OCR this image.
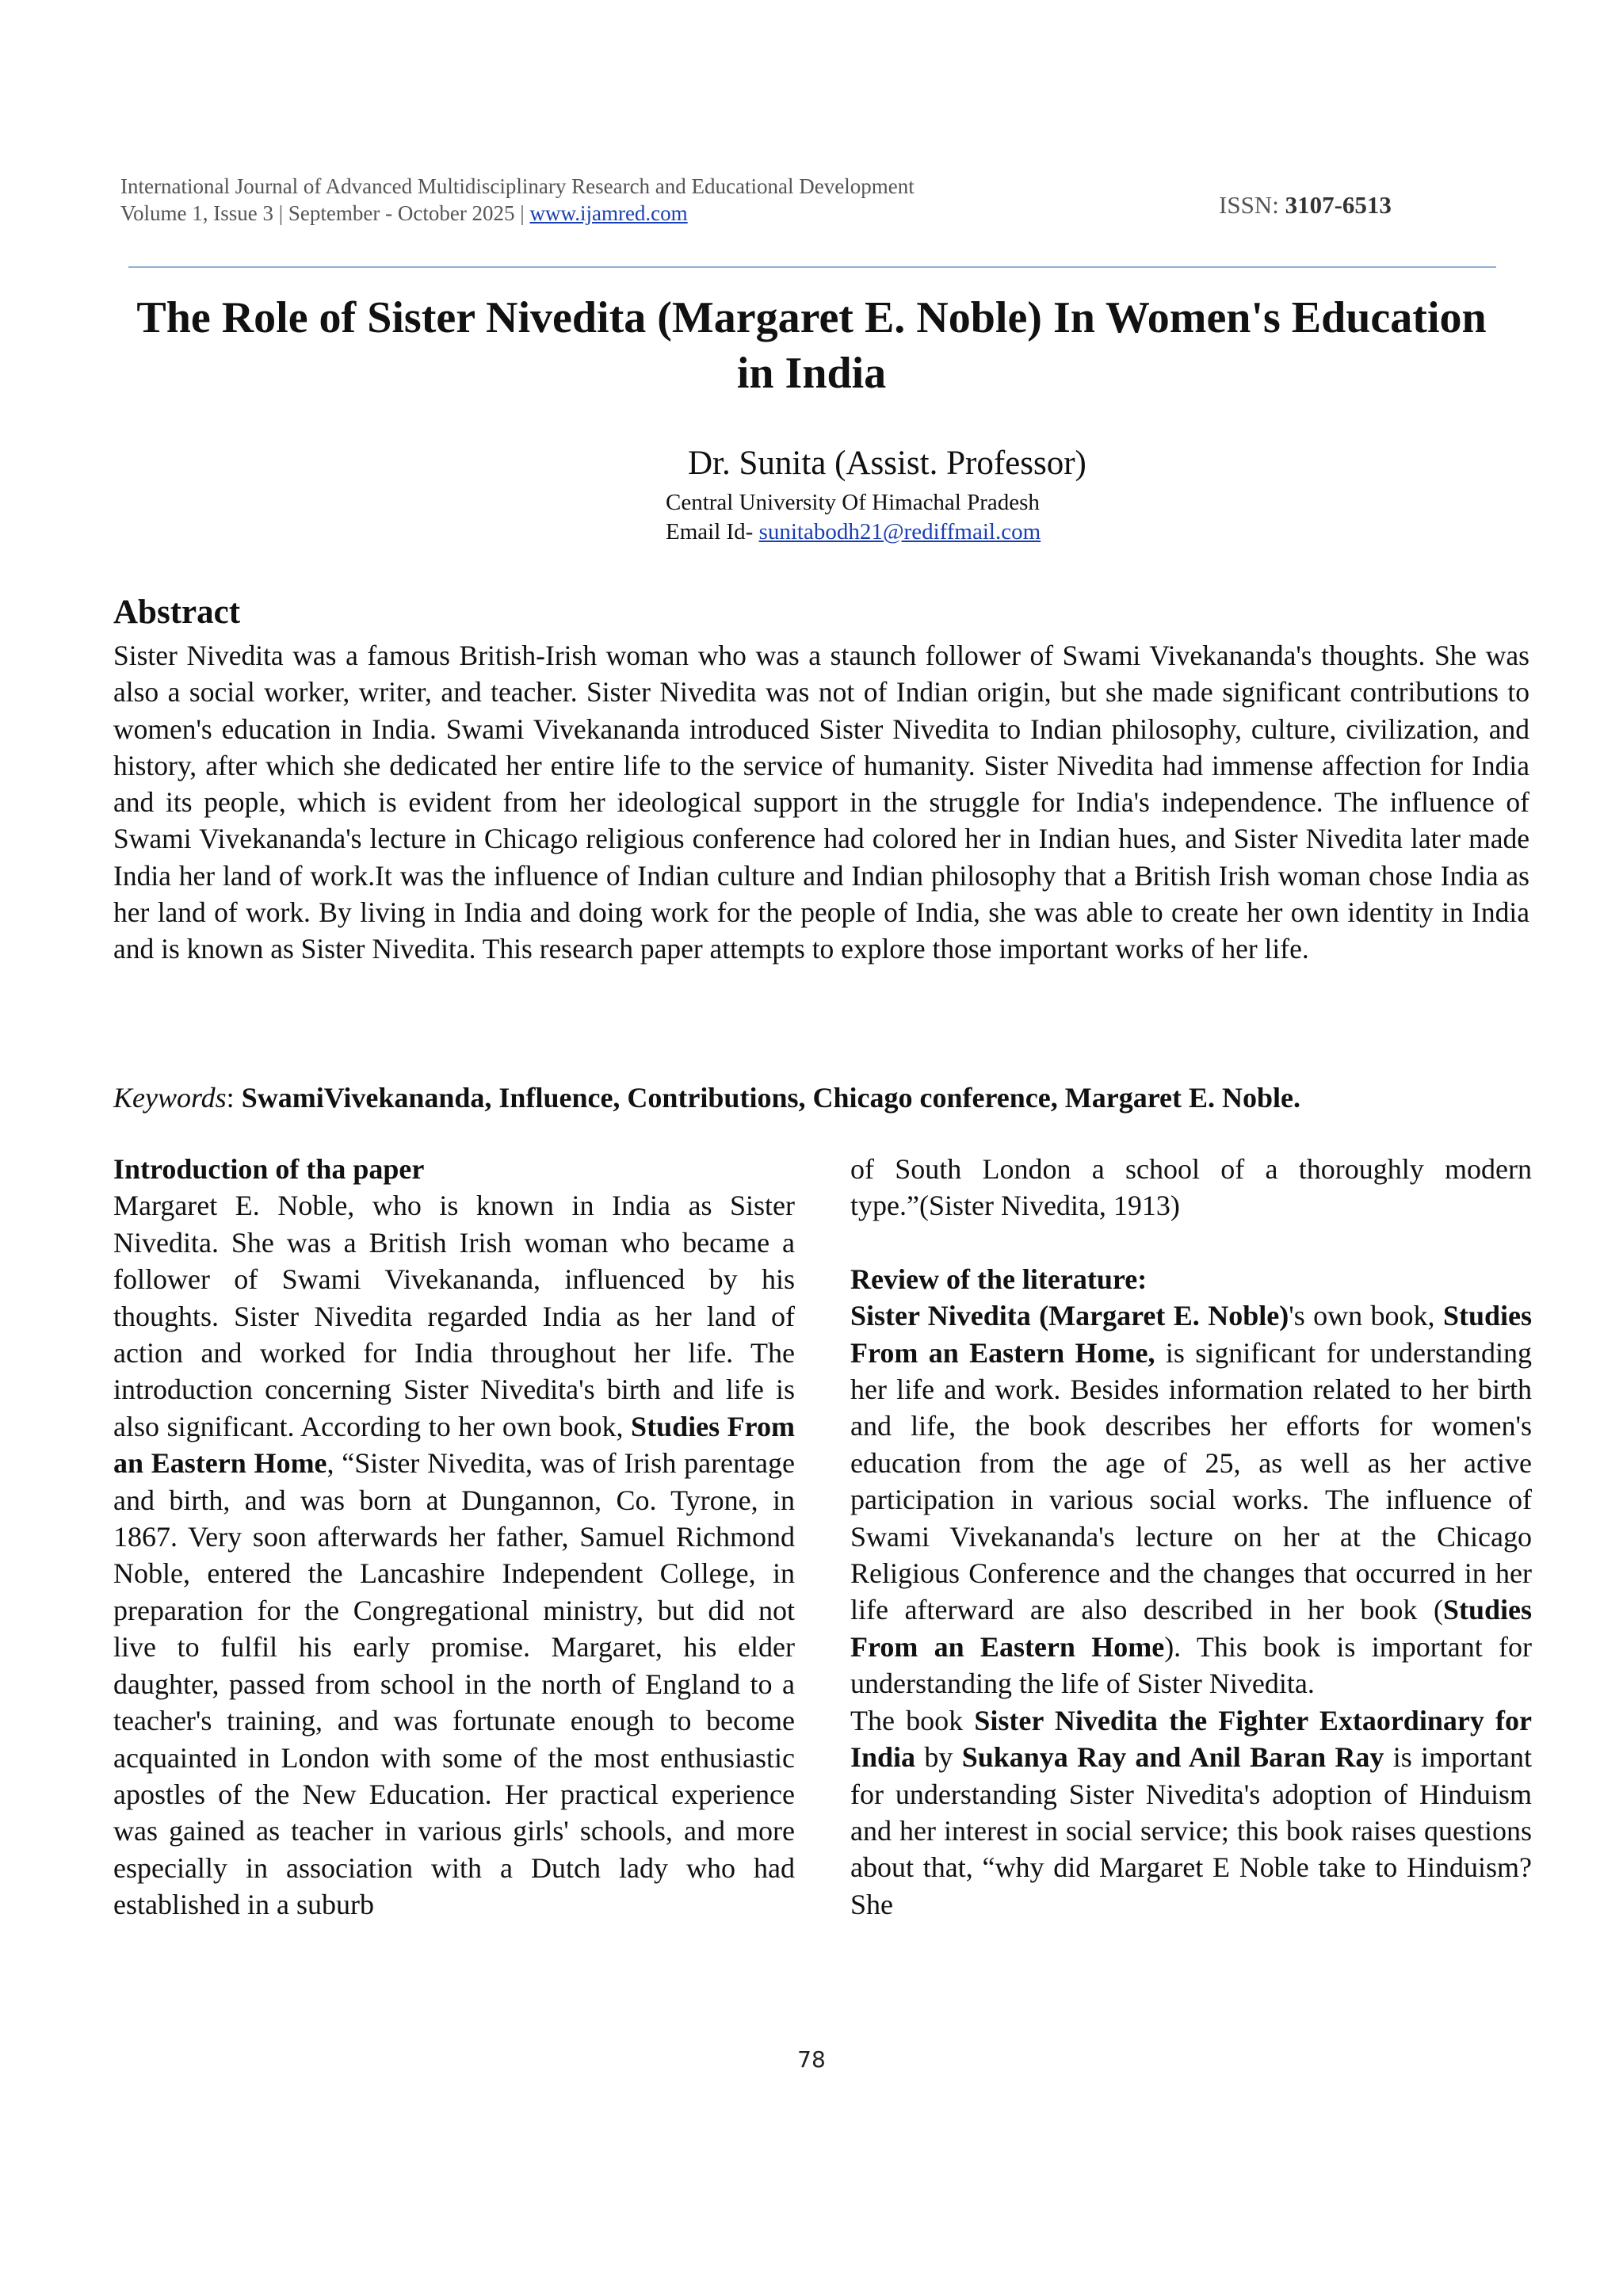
International Journal of Advanced Multidisciplinary Research and Educational Development
Volume 1, Issue 3 | September - October 2025 | www.ijamred.com	ISSN: 3107-6513
The Role of Sister Nivedita (Margaret E. Noble) In Women's Education in India
Dr. Sunita (Assist. Professor)
Central University Of Himachal Pradesh
Email Id- sunitabodh21@rediffmail.com
Abstract

Sister Nivedita was a famous British-Irish woman who was a staunch follower of Swami Vivekananda's thoughts. She was also a social worker, writer, and teacher. Sister Nivedita was not of Indian origin, but she made significant contributions to women's education in India. Swami Vivekananda introduced Sister Nivedita to Indian philosophy, culture, civilization, and history, after which she dedicated her entire life to the service of humanity. Sister Nivedita had immense affection for India and its people, which is evident from her ideological support in the struggle for India's independence. The influence of Swami Vivekananda's lecture in Chicago religious conference had colored her in Indian hues, and Sister Nivedita later made India her land of work.It was the influence of Indian culture and Indian philosophy that a British Irish woman chose India as her land of work. By living in India and doing work for the people of India, she was able to create her own identity in India and is known as Sister Nivedita. This research paper attempts to explore those important works of her life.

Keywords: SwamiVivekananda, Influence, Contributions, Chicago conference, Margaret E. Noble.

Introduction of tha paper

Margaret E. Noble, who is known in India as Sister Nivedita. She was a British Irish woman who became a follower of Swami Vivekananda, influenced by his thoughts. Sister Nivedita regarded India as her land of action and worked for India throughout her life. The introduction concerning Sister Nivedita's birth and life is also significant. According to her own book, Studies From an Eastern Home, “Sister Nivedita, was of Irish parentage and birth, and was born at Dungannon, Co. Tyrone, in 1867. Very soon afterwards her father, Samuel Richmond Noble, entered the Lancashire Independent College, in preparation for the Congregational ministry, but did not live to fulfil his early promise. Margaret, his elder daughter, passed from school in the north of England to a teacher's training, and was fortunate enough to become acquainted in London with some of the most enthusiastic apostles of the New Education. Her practical experience was gained as teacher in various girls' schools, and more especially in association with a Dutch lady who had established in a suburb

of South London a school of a thoroughly modern type.”(Sister Nivedita, 1913)

Review of the literature:

Sister Nivedita (Margaret E. Noble)'s own book, Studies From an Eastern Home, is significant for understanding her life and work. Besides information related to her birth and life, the book describes her efforts for women's education from the age of 25, as well as her active participation in various social works. The influence of Swami Vivekananda's lecture on her at the Chicago Religious Conference and the changes that occurred in her life afterward are also described in her book (Studies From an Eastern Home). This book is important for understanding the life of Sister Nivedita.

The book Sister Nivedita the Fighter Extaordinary for India by Sukanya Ray and Anil Baran Ray is important for understanding Sister Nivedita's adoption of Hinduism and her interest in social service; this book raises questions about that, “why did Margaret E Noble take to Hinduism? She

78
